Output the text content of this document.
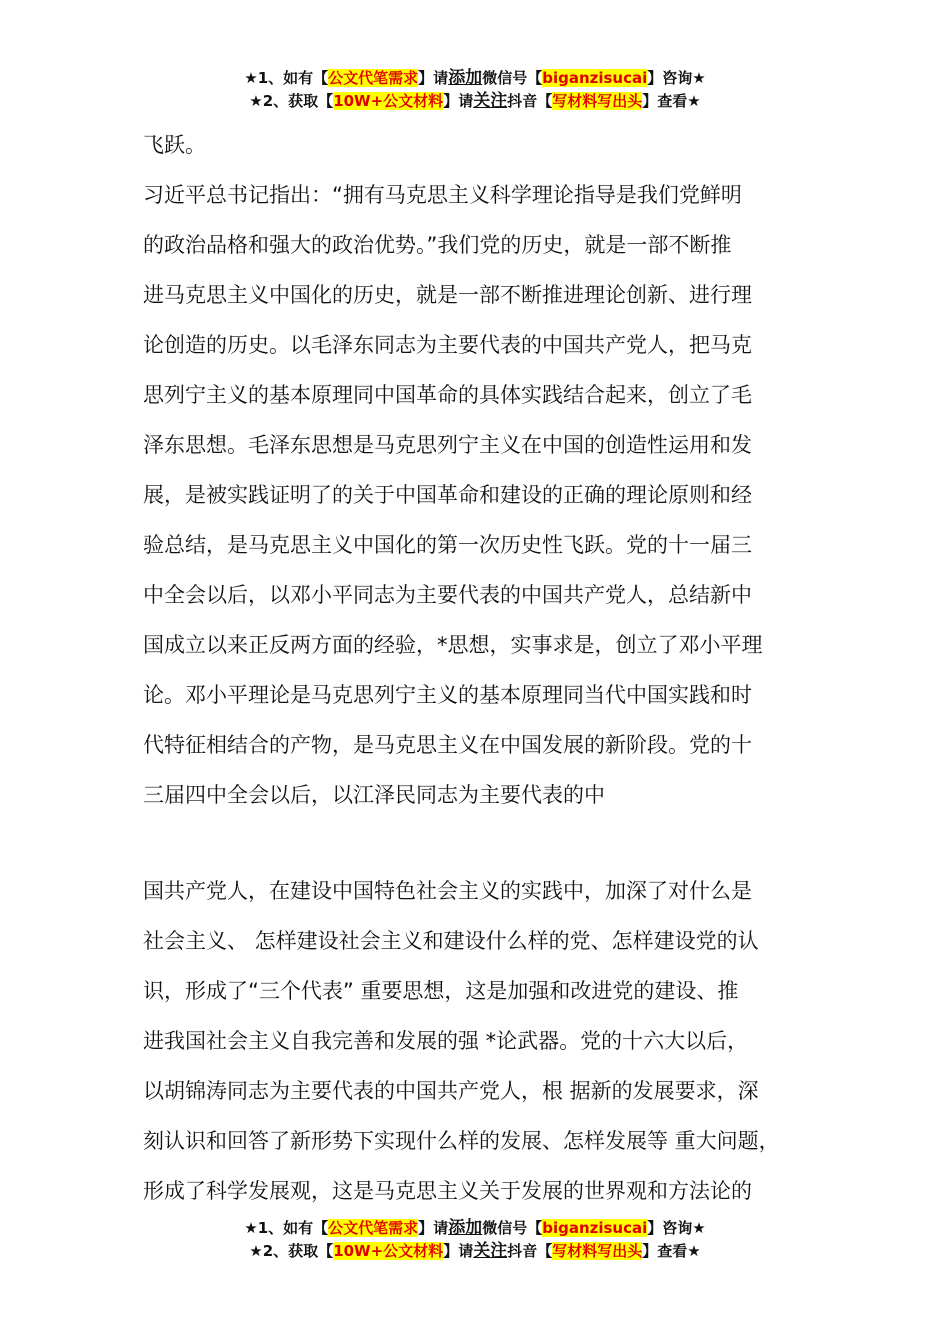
★1、如有【公文代笔需求】请添加微信号【biganzisucai】咨询★
★2、获取【10W+公文材料】请关注抖音【写材料写出头】查看★
飞跃。
习近平总书记指出：“拥有马克思主义科学理论指导是我们党鲜明
的政治品格和强大的政治优势。”我们党的历史，就是一部不断推
进马克思主义中国化的历史，就是一部不断推进理论创新、进行理
论创造的历史。以毛泽东同志为主要代表的中国共产党人，把马克
思列宁主义的基本原理同中国革命的具体实践结合起来，创立了毛
泽东思想。毛泽东思想是马克思列宁主义在中国的创造性运用和发
展，是被实践证明了的关于中国革命和建设的正确的理论原则和经
验总结，是马克思主义中国化的第一次历史性飞跃。党的十一届三
中全会以后，以邓小平同志为主要代表的中国共产党人，总结新中
国成立以来正反两方面的经验，*思想，实事求是，创立了邓小平理
论。邓小平理论是马克思列宁主义的基本原理同当代中国实践和时
代特征相结合的产物，是马克思主义在中国发展的新阶段。党的十
三届四中全会以后，以江泽民同志为主要代表的中
国共产党人，在建设中国特色社会主义的实践中，加深了对什么是
社会主义、 怎样建设社会主义和建设什么样的党、怎样建设党的认
识，形成了“三个代表” 重要思想，这是加强和改进党的建设、推
进我国社会主义自我完善和发展的强 *论武器。党的十六大以后，
以胡锦涛同志为主要代表的中国共产党人，根 据新的发展要求，深
刻认识和回答了新形势下实现什么样的发展、怎样发展等 重大问题，
形成了科学发展观，这是马克思主义关于发展的世界观和方法论的
★1、如有【公文代笔需求】请添加微信号【biganzisucai】咨询★
★2、获取【10W+公文材料】请关注抖音【写材料写出头】查看★
